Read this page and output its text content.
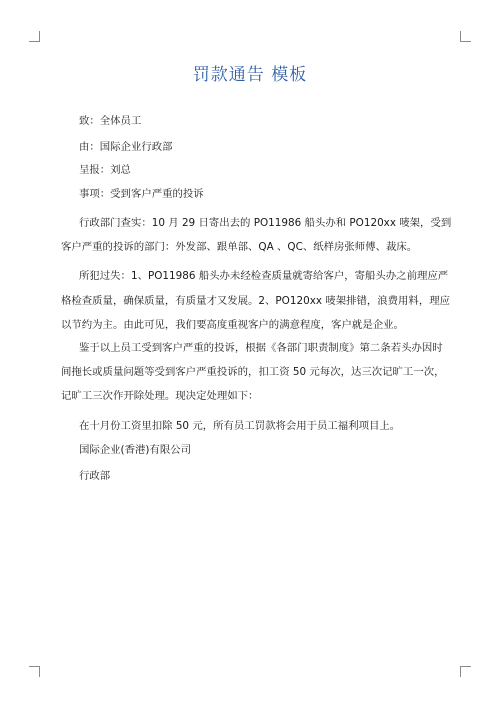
罚款通告 模板
致：全体员工
由：国际企业行政部
呈报：刘总
事项：受到客户严重的投诉
行政部门查实：10 月 29 日寄出去的 PO11986 船头办和 PO120xx 唛架，受到
客户严重的投诉的部门：外发部、跟单部、QA 、QC、纸样房张师傅、裁床。
所犯过失：1、PO11986 船头办未经检查质量就寄给客户，寄船头办之前理应严
格检查质量，确保质量，有质量才又发展。2、PO120xx 唛架排错，浪费用料，理应
以节约为主。由此可见，我们要高度重视客户的满意程度，客户就是企业。
鉴于以上员工受到客户严重的投诉，根据《各部门职责制度》第二条若头办因时
间拖长或质量问题等受到客户严重投诉的，扣工资 50 元每次，达三次记旷工一次，
记旷工三次作开除处理。现决定处理如下：
在十月份工资里扣除 50 元，所有员工罚款将会用于员工福利项目上。
国际企业(香港)有限公司
行政部
